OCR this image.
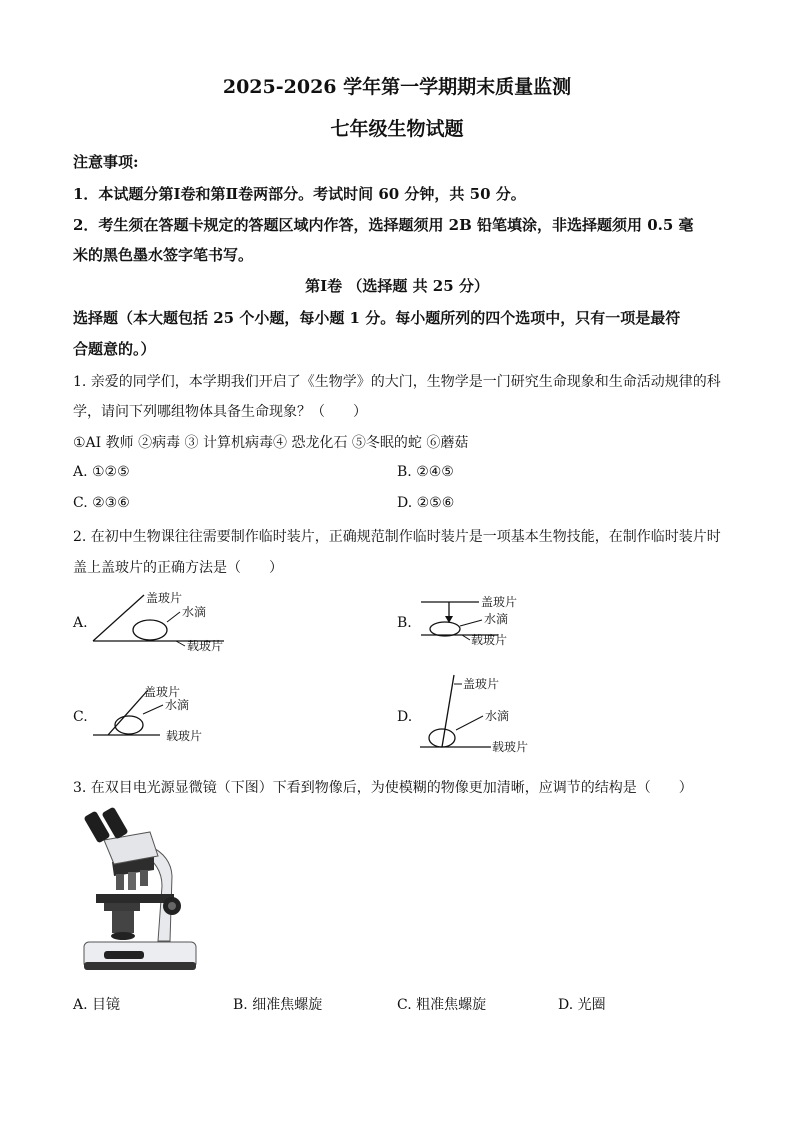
2025-2026 学年第一学期期末质量监测
七年级生物试题
注意事项:
1．本试题分第Ⅰ卷和第Ⅱ卷两部分。考试时间 60 分钟，共 50 分。
2．考生须在答题卡规定的答题区域内作答，选择题须用 2B 铅笔填涂，非选择题须用 0.5 毫
米的黑色墨水签字笔书写。
第Ⅰ卷 （选择题 共 25 分）
选择题（本大题包括 25 个小题，每小题 1 分。每小题所列的四个选项中，只有一项是最符
合题意的。）
1. 亲爱的同学们，本学期我们开启了《生物学》的大门，生物学是一门研究生命现象和生命活动规律的科
学，请问下列哪组物体具备生命现象？（　　）
①AI 教师 ②病毒 ③ 计算机病毒④ 恐龙化石 ⑤冬眠的蛇 ⑥蘑菇
A. ①②⑤	B. ②④⑤
C. ②③⑥	D. ②⑤⑥
2. 在初中生物课往往需要制作临时装片，正确规范制作临时装片是一项基本生物技能，在制作临时装片时
盖上盖玻片的正确方法是（　　）
A.	B.
C.	D.
盖玻片
水滴
载玻片
盖玻片
水滴
载玻片
盖玻片
水滴
载玻片
盖玻片
水滴
载玻片
3. 在双目电光源显微镜（下图）下看到物像后，为使模糊的物像更加清晰，应调节的结构是（　　）
A. 目镜	B. 细准焦螺旋	C. 粗准焦螺旋	D. 光圈
